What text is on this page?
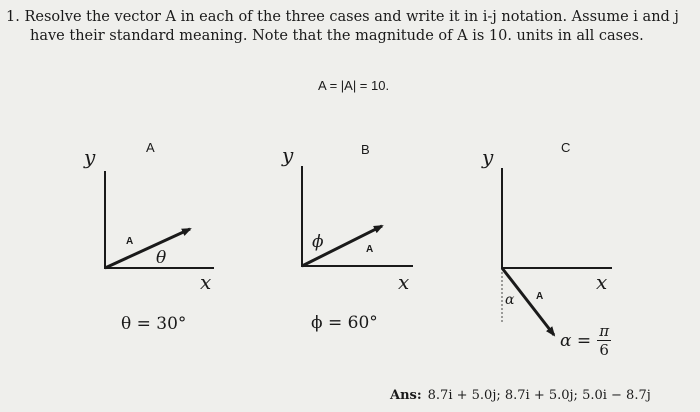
1. Resolve the vector A in each of the three cases and write it in i-j notation. Assume i and j
have their standard meaning. Note that the magnitude of A is 10. units in all cases.
A = |A| = 10.
A
y
x
A
θ
θ = 30°
B
y
x
A
ϕ
ϕ = 60°
C
y
x
A
α
α = π
6
Ans: 8.7i + 5.0j; 8.7i + 5.0j; 5.0i − 8.7j
